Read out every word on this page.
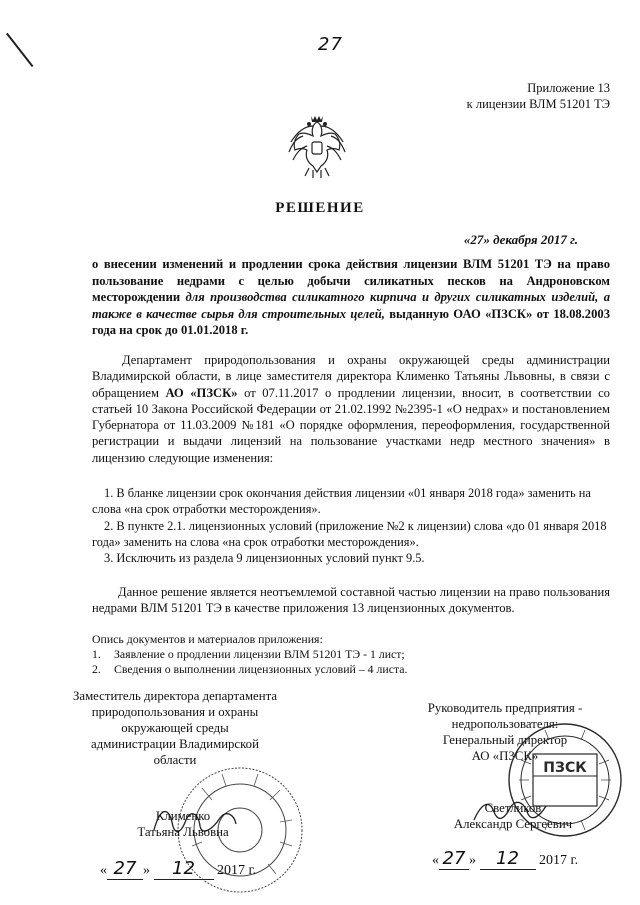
27
Приложение 13
к лицензии ВЛМ 51201 ТЭ
РЕШЕНИЕ
«27» декабря 2017 г.
о внесении изменений и продлении срока действия лицензии ВЛМ 51201 ТЭ на право пользование недрами с целью добычи силикатных песков на Андроновском месторождении для производства силикатного кирпича и других силикатных изделий, а также в качестве сырья для строительных целей, выданную ОАО «ПЗСК» от 18.08.2003 года на срок до 01.01.2018 г.
Департамент природопользования и охраны окружающей среды администрации Владимирской области, в лице заместителя директора Клименко Татьяны Львовны, в связи с обращением АО «ПЗСК» от 07.11.2017 о продлении лицензии, вносит, в соответствии со статьей 10 Закона Российской Федерации от 21.02.1992 №2395-1 «О недрах» и постановлением Губернатора от 11.03.2009 №181 «О порядке оформления, переоформления, государственной регистрации и выдачи лицензий на пользование участками недр местного значения» в лицензию следующие изменения:

1. В бланке лицензии срок окончания действия лицензии «01 января 2018 года» заменить на слова «на срок отработки месторождения».

2. В пункте 2.1. лицензионных условий (приложение №2 к лицензии) слова «до 01 января 2018 года» заменить на слова «на срок отработки месторождения».

3. Исключить из раздела 9 лицензионных условий пункт 9.5.

Данное решение является неотъемлемой составной частью лицензии на право пользования недрами ВЛМ 51201 ТЭ в качестве приложения 13 лицензионных документов.
Опись документов и материалов приложения:
1.	Заявление о продлении лицензии ВЛМ 51201 ТЭ - 1 лист;
2.	Сведения о выполнении лицензионных условий – 4 листа.
Заместитель директора департамента
природопользования и охраны
окружающей среды
администрации Владимирской
области
Клименко
Татьяна Львовна
« 27 » 12 2017 г.
Руководитель предприятия -
недропользователя:
Генеральный директор
АО «ПЗСК»
ПЗСК
Светликов
Александр Сергеевич
« 27 » 12 2017 г.
